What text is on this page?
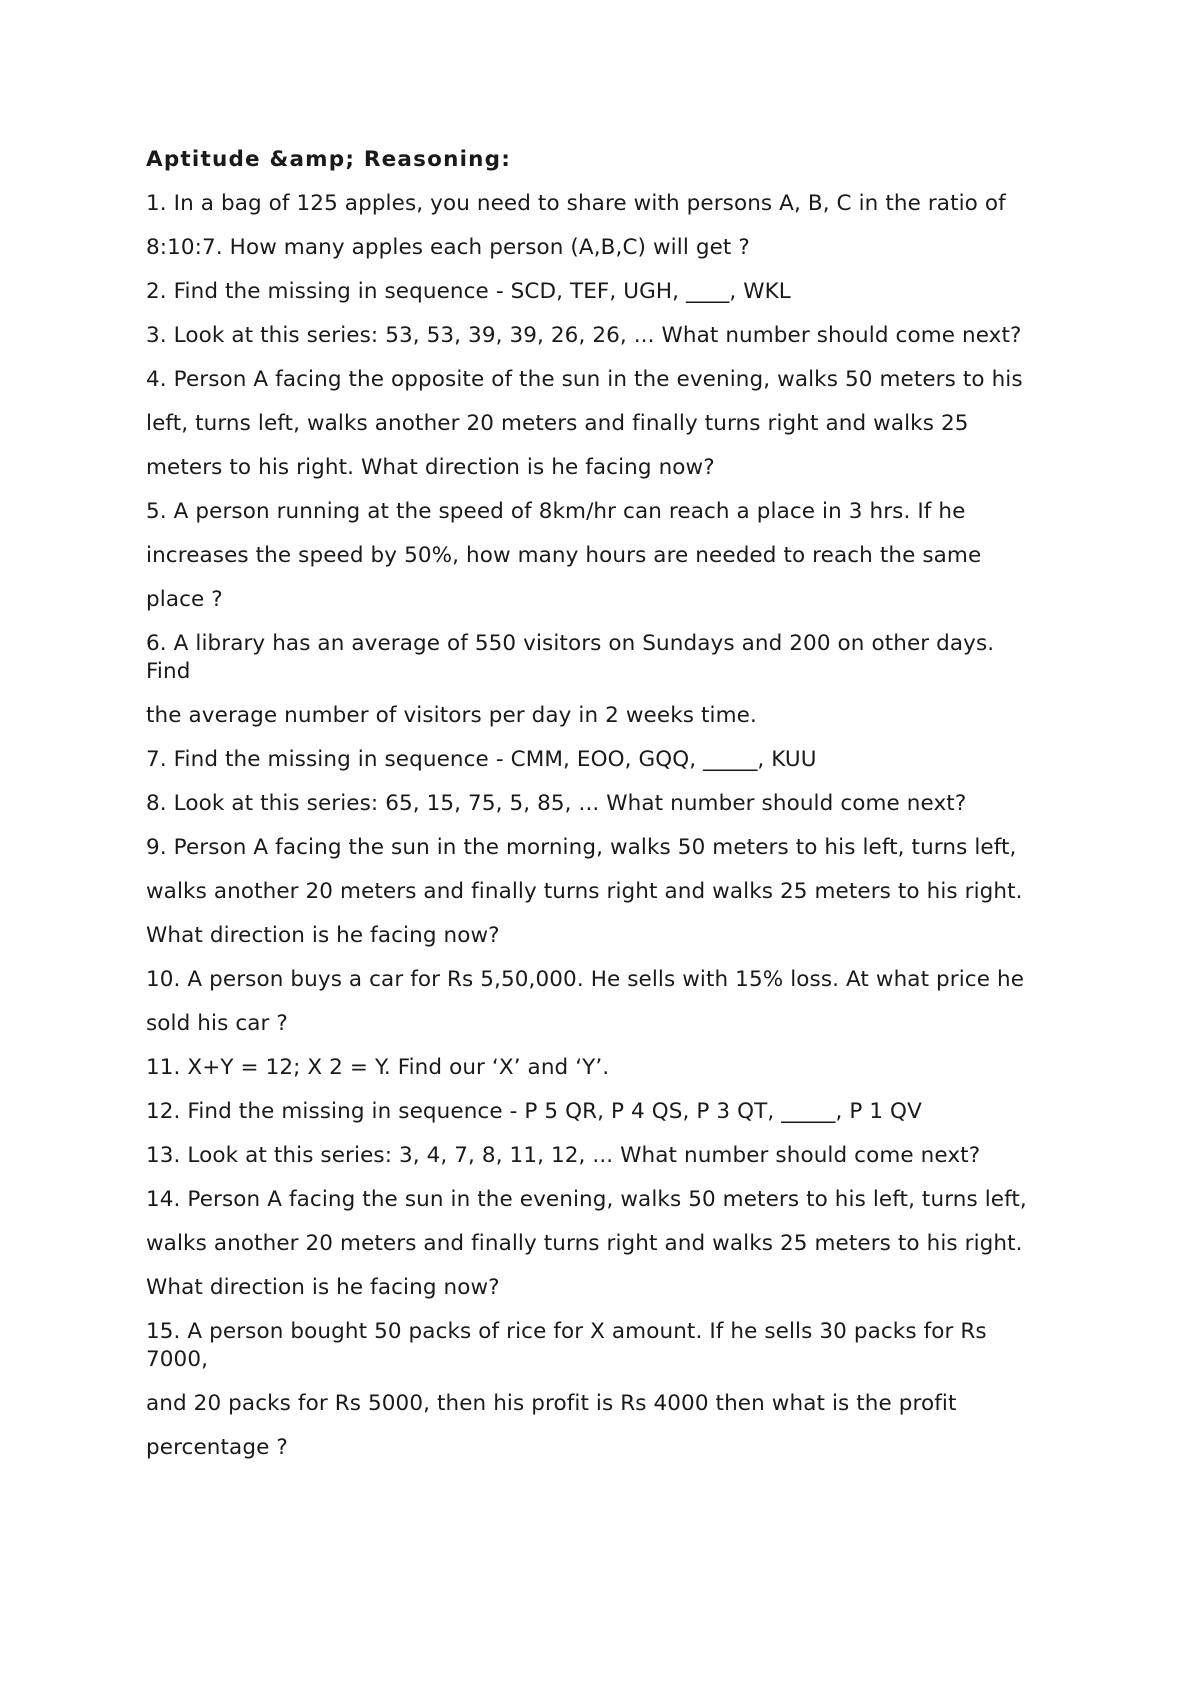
Aptitude &amp; Reasoning:
1. In a bag of 125 apples, you need to share with persons A, B, C in the ratio of
8:10:7. How many apples each person (A,B,C) will get ?
2. Find the missing in sequence - SCD, TEF, UGH, ____, WKL
3. Look at this series: 53, 53, 39, 39, 26, 26, ... What number should come next?
4. Person A facing the opposite of the sun in the evening, walks 50 meters to his
left, turns left, walks another 20 meters and finally turns right and walks 25
meters to his right. What direction is he facing now?
5. A person running at the speed of 8km/hr can reach a place in 3 hrs. If he
increases the speed by 50%, how many hours are needed to reach the same
place ?
6. A library has an average of 550 visitors on Sundays and 200 on other days.
Find
the average number of visitors per day in 2 weeks time.
7. Find the missing in sequence - CMM, EOO, GQQ, _____, KUU
8. Look at this series: 65, 15, 75, 5, 85, ... What number should come next?
9. Person A facing the sun in the morning, walks 50 meters to his left, turns left,
walks another 20 meters and finally turns right and walks 25 meters to his right.
What direction is he facing now?
10. A person buys a car for Rs 5,50,000. He sells with 15% loss. At what price he
sold his car ?
11. X+Y = 12; X 2 = Y. Find our ‘X’ and ‘Y’.
12. Find the missing in sequence - P 5 QR, P 4 QS, P 3 QT, _____, P 1 QV
13. Look at this series: 3, 4, 7, 8, 11, 12, ... What number should come next?
14. Person A facing the sun in the evening, walks 50 meters to his left, turns left,
walks another 20 meters and finally turns right and walks 25 meters to his right.
What direction is he facing now?
15. A person bought 50 packs of rice for X amount. If he sells 30 packs for Rs
7000,
and 20 packs for Rs 5000, then his profit is Rs 4000 then what is the profit
percentage ?
